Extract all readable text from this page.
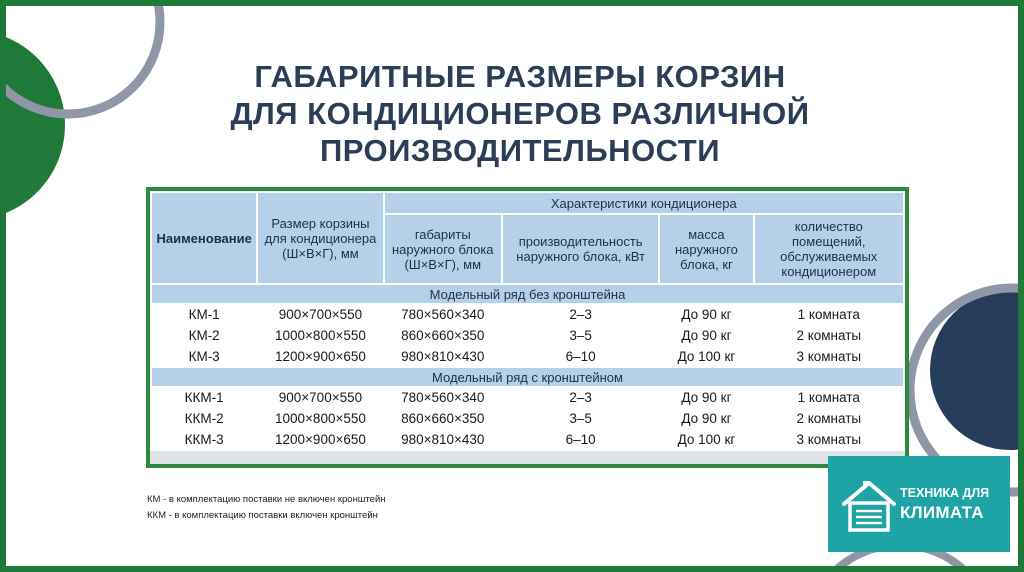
ГАБАРИТНЫЕ РАЗМЕРЫ КОРЗИН
ДЛЯ КОНДИЦИОНЕРОВ РАЗЛИЧНОЙ
ПРОИЗВОДИТЕЛЬНОСТИ
Наименование	Размер корзины для кондиционера (Ш×В×Г), мм	Характеристики кондиционера			
		габариты наружного блока (Ш×В×Г), мм	производительность наружного блока, кВт	масса наружного блока, кг	количество помещений, обслуживаемых кондиционером
Модельный ряд без кронштейна					
КМ-1	900×700×550	780×560×340	2–3	До 90 кг	1 комната
КМ-2	1000×800×550	860×660×350	3–5	До 90 кг	2 комнаты
КМ-3	1200×900×650	980×810×430	6–10	До 100 кг	3 комнаты
Модельный ряд с кронштейном					
ККМ-1	900×700×550	780×560×340	2–3	До 90 кг	1 комната
ККМ-2	1000×800×550	860×660×350	3–5	До 90 кг	2 комнаты
ККМ-3	1200×900×650	980×810×430	6–10	До 100 кг	3 комнаты
КМ - в комплектацию поставки не включен кронштейн
ККМ - в комплектацию поставки включен кронштейн
ТЕХНИКА ДЛЯ
КЛИМАТА
